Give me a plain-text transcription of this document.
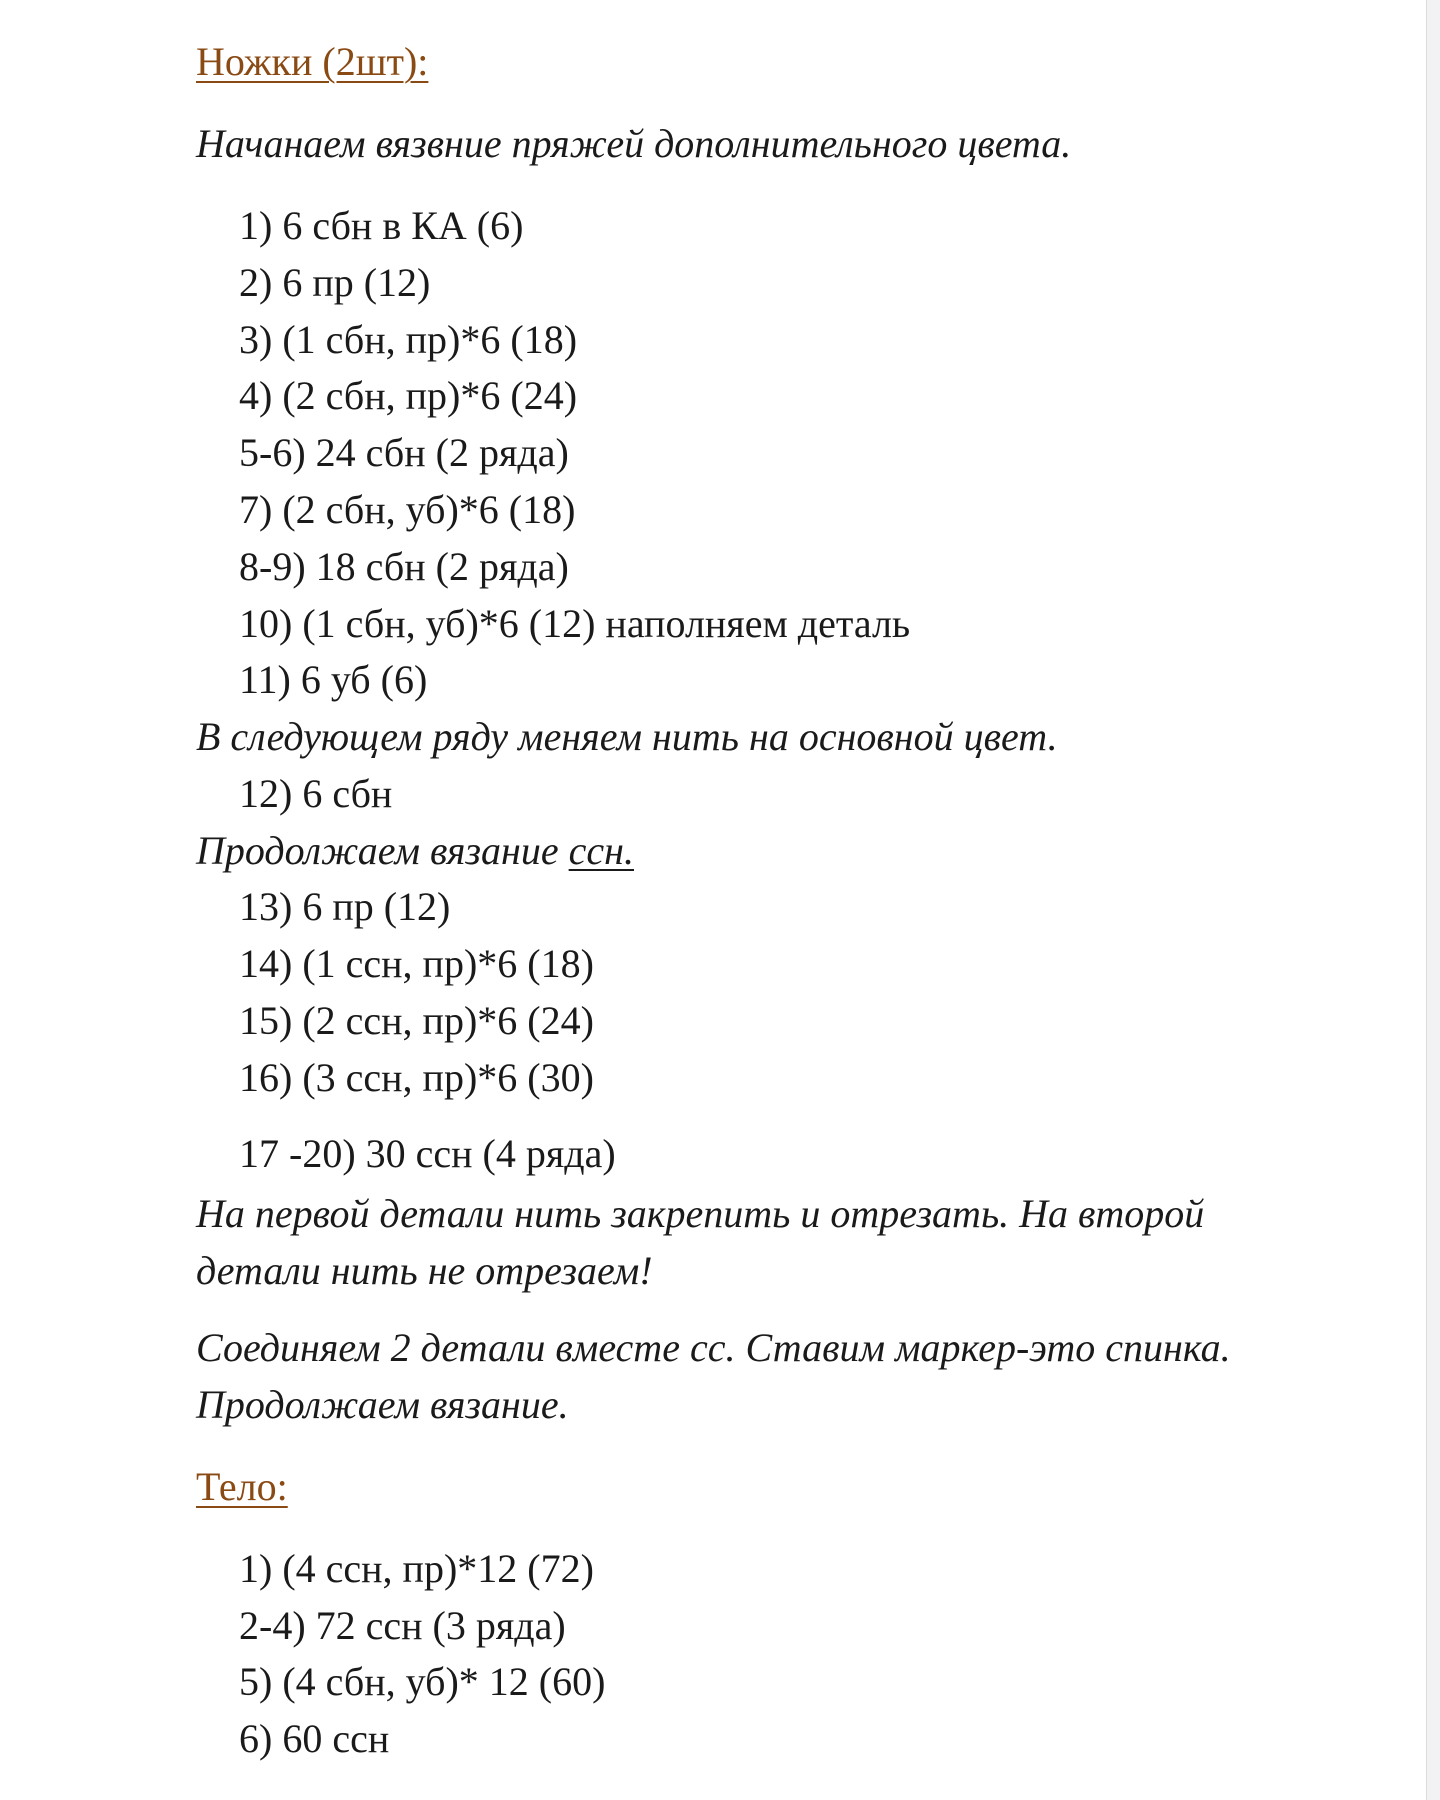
Ножки (2шт):
Начанаем вязвние пряжей дополнительного цвета.
1) 6 сбн в КА (6)
2) 6 пр (12)
3) (1 сбн, пр)*6 (18)
4) (2 сбн, пр)*6 (24)
5-6) 24 сбн (2 ряда)
7) (2 сбн, уб)*6 (18)
8-9) 18 сбн (2 ряда)
10) (1 сбн, уб)*6 (12) наполняем деталь
11) 6 уб (6)
В следующем ряду меняем нить на основной цвет.
12) 6 сбн
Продолжаем вязание ссн.
13) 6 пр (12)
14) (1 ссн, пр)*6 (18)
15) (2 ссн, пр)*6 (24)
16) (3 ссн, пр)*6 (30)
17 -20) 30 ссн (4 ряда)
На первой детали нить закрепить и отрезать. На второй
детали нить не отрезаем!
Соединяем 2 детали вместе сс. Ставим маркер-это спинка.
Продолжаем вязание.
Тело:
1) (4 ссн, пр)*12 (72)
2-4) 72 ссн (3 ряда)
5) (4 сбн, уб)* 12 (60)
6) 60 ссн
